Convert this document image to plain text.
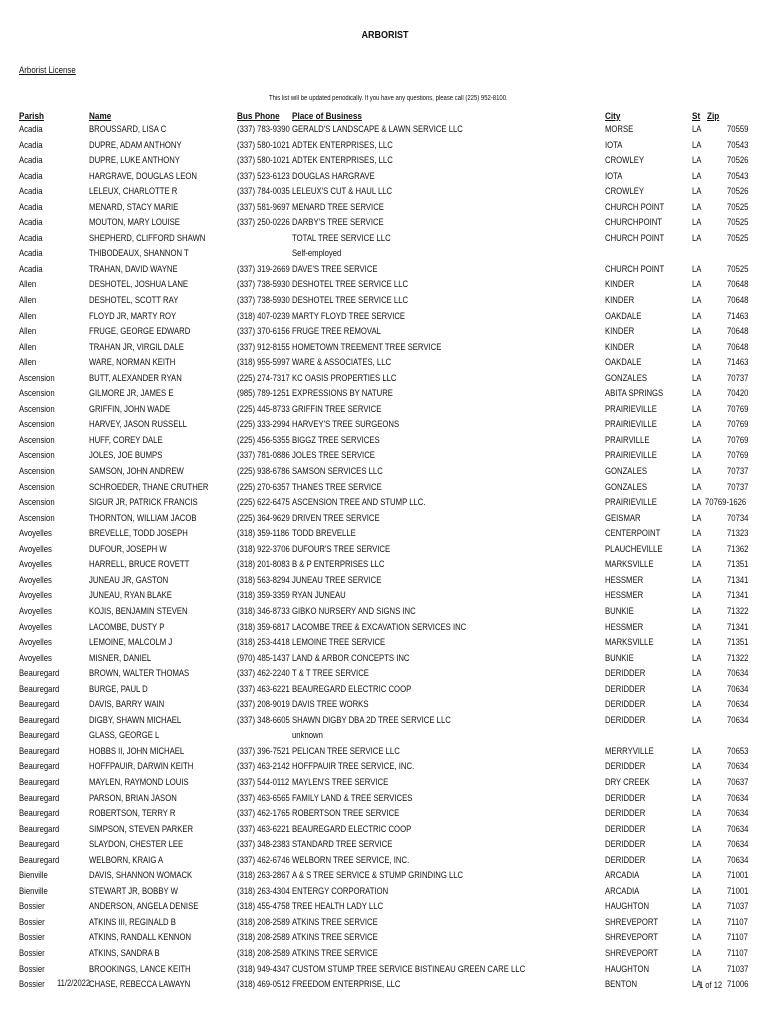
ARBORIST
Arborist License
This list will be updated periodically. If you have any questions, please call (225) 952-8100.
Parish	Name	Bus Phone Place of Business	City	St Zip
Acadia	BROUSSARD, LISA C	(337) 783-9390 GERALD'S LANDSCAPE & LAWN SERVICE LLC	MORSE	LA	70559
Acadia	DUPRE, ADAM ANTHONY	(337) 580-1021 ADTEK ENTERPRISES, LLC	IOTA	LA	70543
Acadia	DUPRE, LUKE ANTHONY	(337) 580-1021 ADTEK ENTERPRISES, LLC	CROWLEY	LA	70526
Acadia	HARGRAVE, DOUGLAS LEON	(337) 523-6123 DOUGLAS HARGRAVE	IOTA	LA	70543
Acadia	LELEUX, CHARLOTTE R	(337) 784-0035 LELEUX'S CUT & HAUL LLC	CROWLEY	LA	70526
Acadia	MENARD, STACY MARIE	(337) 581-9697 MENARD TREE SERVICE	CHURCH POINT	LA	70525
Acadia	MOUTON, MARY LOUISE	(337) 250-0226 DARBY'S TREE SERVICE	CHURCHPOINT	LA	70525
Acadia	SHEPHERD, CLIFFORD SHAWN	TOTAL TREE SERVICE LLC	CHURCH POINT	LA	70525
Acadia	THIBODEAUX, SHANNON T	Self-employed
Acadia	TRAHAN, DAVID WAYNE	(337) 319-2669 DAVE'S TREE SERVICE	CHURCH POINT	LA	70525
Allen	DESHOTEL, JOSHUA LANE	(337) 738-5930 DESHOTEL TREE SERVICE LLC	KINDER	LA	70648
Allen	DESHOTEL, SCOTT RAY	(337) 738-5930 DESHOTEL TREE SERVICE LLC	KINDER	LA	70648
Allen	FLOYD JR, MARTY ROY	(318) 407-0239 MARTY FLOYD TREE SERVICE	OAKDALE	LA	71463
Allen	FRUGE, GEORGE EDWARD	(337) 370-6156 FRUGE TREE REMOVAL	KINDER	LA	70648
Allen	TRAHAN JR, VIRGIL DALE	(337) 912-8155 HOMETOWN TREEMENT TREE SERVICE	KINDER	LA	70648
Allen	WARE, NORMAN KEITH	(318) 955-5997 WARE & ASSOCIATES, LLC	OAKDALE	LA	71463
Ascension	BUTT, ALEXANDER RYAN	(225) 274-7317 KC OASIS PROPERTIES LLC	GONZALES	LA	70737
Ascension	GILMORE JR, JAMES E	(985) 789-1251 EXPRESSIONS BY NATURE	ABITA SPRINGS	LA	70420
Ascension	GRIFFIN, JOHN WADE	(225) 445-8733 GRIFFIN TREE SERVICE	PRAIRIEVILLE	LA	70769
Ascension	HARVEY, JASON RUSSELL	(225) 333-2994 HARVEY'S TREE SURGEONS	PRAIRIEVILLE	LA	70769
Ascension	HUFF, COREY DALE	(225) 456-5355 BIGGZ TREE SERVICES	PRAIRVILLE	LA	70769
Ascension	JOLES, JOE BUMPS	(337) 781-0886 JOLES TREE SERVICE	PRAIRIEVILLE	LA	70769
Ascension	SAMSON, JOHN ANDREW	(225) 938-6786 SAMSON SERVICES LLC	GONZALES	LA	70737
Ascension	SCHROEDER, THANE CRUTHER	(225) 270-6357 THANES TREE SERVICE	GONZALES	LA	70737
Ascension	SIGUR JR, PATRICK FRANCIS	(225) 622-6475 ASCENSION TREE AND STUMP LLC.	PRAIRIEVILLE	LA 70769-1626
Ascension	THORNTON, WILLIAM JACOB	(225) 364-9629 DRIVEN TREE SERVICE	GEISMAR	LA	70734
Avoyelles	BREVELLE, TODD JOSEPH	(318) 359-1186 TODD BREVELLE	CENTERPOINT	LA	71323
Avoyelles	DUFOUR, JOSEPH W	(318) 922-3706 DUFOUR'S TREE SERVICE	PLAUCHEVILLE	LA	71362
Avoyelles	HARRELL, BRUCE ROVETT	(318) 201-8083 B & P ENTERPRISES LLC	MARKSVILLE	LA	71351
Avoyelles	JUNEAU JR, GASTON	(318) 563-8294 JUNEAU TREE SERVICE	HESSMER	LA	71341
Avoyelles	JUNEAU, RYAN BLAKE	(318) 359-3359 RYAN JUNEAU	HESSMER	LA	71341
Avoyelles	KOJIS, BENJAMIN STEVEN	(318) 346-8733 GIBKO NURSERY AND SIGNS INC	BUNKIE	LA	71322
Avoyelles	LACOMBE, DUSTY P	(318) 359-6817 LACOMBE TREE & EXCAVATION SERVICES INC	HESSMER	LA	71341
Avoyelles	LEMOINE, MALCOLM J	(318) 253-4418 LEMOINE TREE SERVICE	MARKSVILLE	LA	71351
Avoyelles	MISNER, DANIEL	(970) 485-1437 LAND & ARBOR CONCEPTS INC	BUNKIE	LA	71322
Beauregard	BROWN, WALTER THOMAS	(337) 462-2240 T & T TREE SERVICE	DERIDDER	LA	70634
Beauregard	BURGE, PAUL D	(337) 463-6221 BEAUREGARD ELECTRIC COOP	DERIDDER	LA	70634
Beauregard	DAVIS, BARRY WAIN	(337) 208-9019 DAVIS TREE WORKS	DERIDDER	LA	70634
Beauregard	DIGBY, SHAWN MICHAEL	(337) 348-6605 SHAWN DIGBY DBA 2D TREE SERVICE LLC	DERIDDER	LA	70634
Beauregard	GLASS, GEORGE L	unknown
Beauregard	HOBBS II, JOHN MICHAEL	(337) 396-7521 PELICAN TREE SERVICE LLC	MERRYVILLE	LA	70653
Beauregard	HOFFPAUIR, DARWIN KEITH	(337) 463-2142 HOFFPAUIR TREE SERVICE, INC.	DERIDDER	LA	70634
Beauregard	MAYLEN, RAYMOND LOUIS	(337) 544-0112 MAYLEN'S TREE SERVICE	DRY CREEK	LA	70637
Beauregard	PARSON, BRIAN JASON	(337) 463-6565 FAMILY LAND & TREE SERVICES	DERIDDER	LA	70634
Beauregard	ROBERTSON, TERRY R	(337) 462-1765 ROBERTSON TREE SERVICE	DERIDDER	LA	70634
Beauregard	SIMPSON, STEVEN PARKER	(337) 463-6221 BEAUREGARD ELECTRIC COOP	DERIDDER	LA	70634
Beauregard	SLAYDON, CHESTER LEE	(337) 348-2383 STANDARD TREE SERVICE	DERIDDER	LA	70634
Beauregard	WELBORN, KRAIG A	(337) 462-6746 WELBORN TREE SERVICE, INC.	DERIDDER	LA	70634
Bienville	DAVIS, SHANNON WOMACK	(318) 263-2867 A & S TREE SERVICE & STUMP GRINDING LLC	ARCADIA	LA	71001
Bienville	STEWART JR, BOBBY W	(318) 263-4304 ENTERGY CORPORATION	ARCADIA	LA	71001
Bossier	ANDERSON, ANGELA DENISE	(318) 455-4758 TREE HEALTH LADY LLC	HAUGHTON	LA	71037
Bossier	ATKINS III, REGINALD B	(318) 208-2589 ATKINS TREE SERVICE	SHREVEPORT	LA	71107
Bossier	ATKINS, RANDALL KENNON	(318) 208-2589 ATKINS TREE SERVICE	SHREVEPORT	LA	71107
Bossier	ATKINS, SANDRA B	(318) 208-2589 ATKINS TREE SERVICE	SHREVEPORT	LA	71107
Bossier	BROOKINGS, LANCE KEITH	(318) 949-4347 CUSTOM STUMP TREE SERVICE BISTINEAU GREEN CARE LLC	HAUGHTON	LA	71037
Bossier	CHASE, REBECCA LAWAYN	(318) 469-0512 FREEDOM ENTERPRISE, LLC	BENTON	LA	71006
11/2/2022	1 of 12
